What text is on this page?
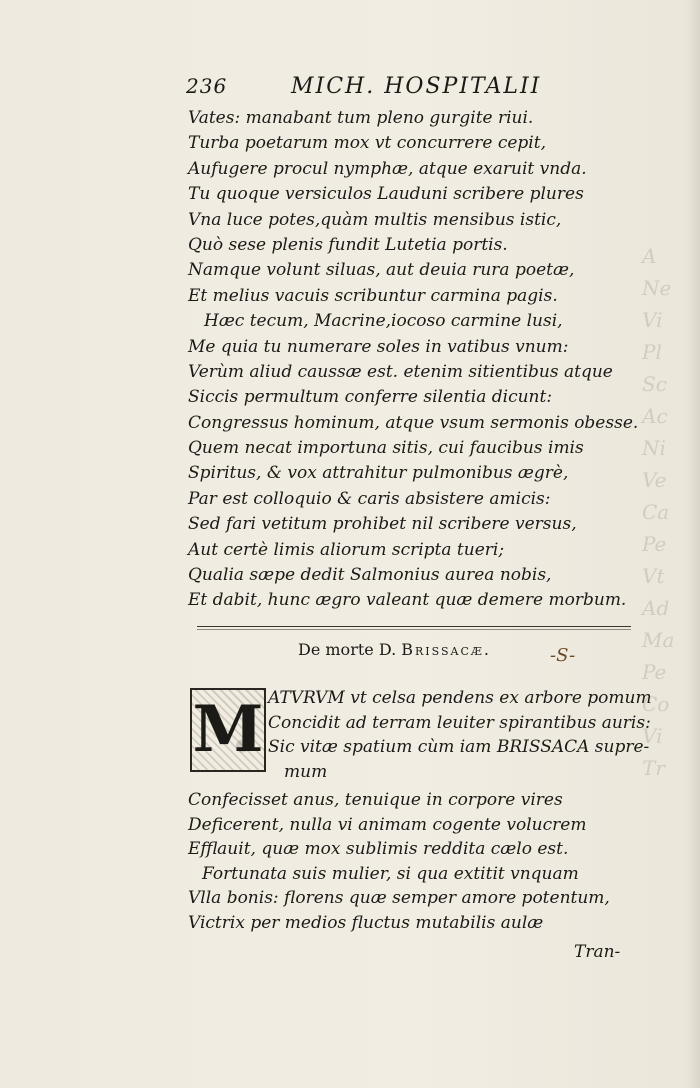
A
Ne
Vi
Pl
Sc
Ac
Ni
Ve
Ca
Pe
Vt
Ad
Ma
Pe
Co
Vi
Tr
236	MICH. HOSPITALII
Vates: manabant tum pleno gurgite riui.
Turba poetarum mox vt concurrere cepit,
Aufugere procul nymphæ, atque exaruit vnda.
Tu quoque versiculos Lauduni scribere plures
Vna luce potes,quàm multis mensibus istic,
Quò sese plenis fundit Lutetia portis.
Namque volunt siluas, aut deuia rura poetæ,
Et melius vacuis scribuntur carmina pagis.
Hæc tecum, Macrine,iocoso carmine lusi,
Me quia tu numerare soles in vatibus vnum:
Verùm aliud caussæ est. etenim sitientibus atque
Siccis permultum conferre silentia dicunt:
Congressus hominum, atque vsum sermonis obesse.
Quem necat importuna sitis, cui faucibus imis
Spiritus, & vox attrahitur pulmonibus ægrè,
Par est colloquio & caris absistere amicis:
Sed fari vetitum prohibet nil scribere versus,
Aut certè limis aliorum scripta tueri;
Qualia sæpe dedit Salmonius aurea nobis,
Et dabit, hunc ægro valeant quæ demere morbum.
De morte D. Brissacæ.	-S-
M ATVRVM vt celsa pendens ex arbore pomum
Concidit ad terram leuiter spirantibus auris:
Sic vitæ spatium cùm iam BRISSACA supre-
mum
Confecisset anus, tenuique in corpore vires
Deficerent, nulla vi animam cogente volucrem
Efflauit, quæ mox sublimis reddita cælo est.
Fortunata suis mulier, si qua extitit vnquam
Vlla bonis: florens quæ semper amore potentum,
Victrix per medios fluctus mutabilis aulæ
Tran-
